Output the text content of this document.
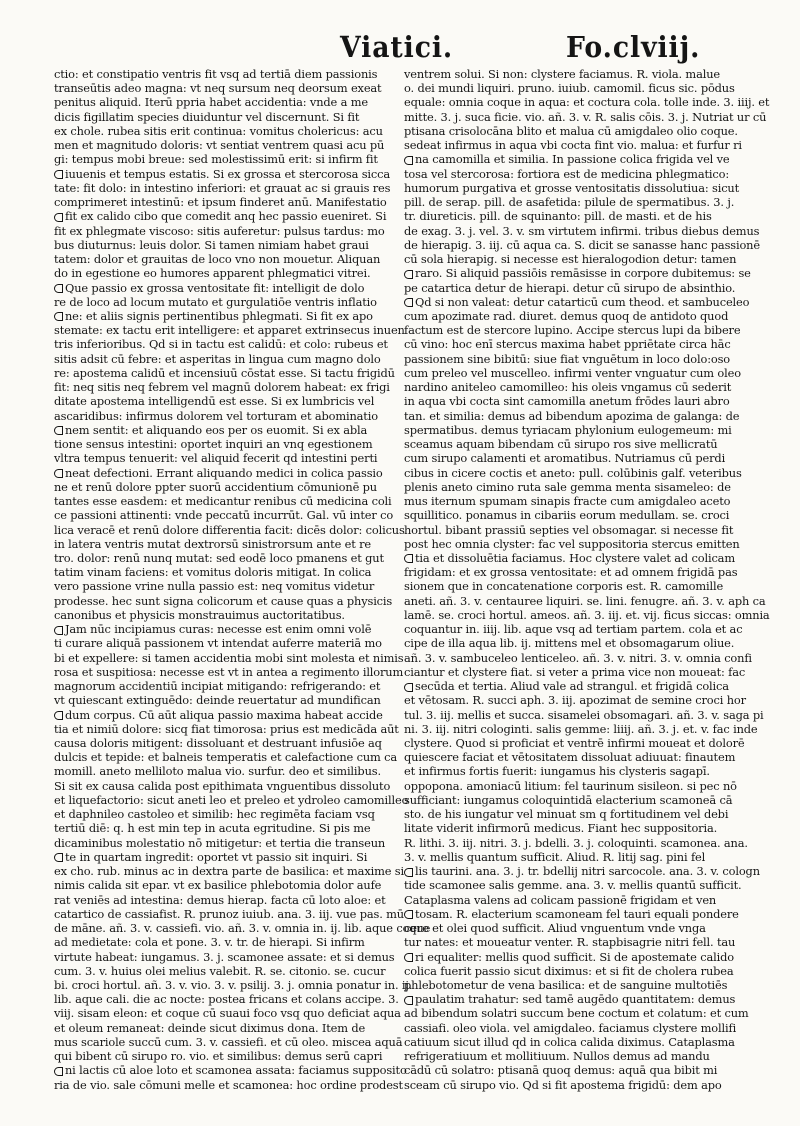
Viatici.	Fo.clviij.
ctio: et constipatio ventris fit vsq ad tertiā diem passionis
transeūtis adeo magna: vt neq sursum neq deorsum exeat
penitus aliquid. Iterū ppria habet accidentia: vnde a me
dicis figillatim species diuiduntur vel discernunt. Si fit
ex chole. rubea sitis erit continua: vomitus cholericus: acu
men et magnitudo doloris: vt sentiat ventrem quasi acu pū
gi: tempus mobi breue: sed molestissimū erit: si infirm fit
iuuenis et tempus estatis. Si ex grossa et stercorosa sicca
tate: fit dolo: in intestino inferiori: et grauat ac si grauis res
comprimeret intestinū: et ipsum finderet anū. Manifestatio
fit ex calido cibo que comedit anq hec passio eueniret. Si
fit ex phlegmate viscoso: sitis auferetur: pulsus tardus: mo
bus diuturnus: leuis dolor. Si tamen nimiam habet graui
tatem: dolor et grauitas de loco vno non mouetur. Aliquan
do in egestione eo humores apparent phlegmatici vitrei.
Que passio ex grossa ventositate fit: intelligit de dolo
re de loco ad locum mutato et gurgulatiōe ventris inflatio
ne: et aliis signis pertinentibus phlegmati. Si fit ex apo
stemate: ex tactu erit intelligere: et apparet extrinsecus inuen
tris inferioribus. Qd si in tactu est calidū: et colo: rubeus et
sitis adsit cū febre: et asperitas in lingua cum magno dolo
re: apostema calidū et incensiuū cōstat esse. Si tactu frigidū
fit: neq sitis neq febrem vel magnū dolorem habeat: ex frigi
ditate apostema intelligendū est esse. Si ex lumbricis vel
ascaridibus: infirmus dolorem vel torturam et abominatio
nem sentit: et aliquando eos per os euomit. Si ex abla
tione sensus intestini: oportet inquiri an vnq egestionem
vltra tempus tenuerit: vel aliquid fecerit qd intestini perti
neat defectioni. Errant aliquando medici in colica passio
ne et renū dolore ppter suorū accidentium cōmunionē pu
tantes esse easdem: et medicantur renibus cū medicina coli
ce passioni attinenti: vnde peccatū incurrūt. Gal. vū inter co
lica veracē et renū dolore differentia facit: dicēs dolor: colicus
in latera ventris mutat dextrorsū sinistrorsum ante et re
tro. dolor: renū nunq mutat: sed eodē loco pmanens et gut
tatim vinam faciens: et vomitus doloris mitigat. In colica
vero passione vrine nulla passio est: neq vomitus videtur
prodesse. hec sunt signa colicorum et cause quas a physicis
canonibus et physicis monstrauimus auctoritatibus.
Jam nūc incipiamus curas: necesse est enim omni volē
ti curare aliquā passionem vt intendat auferre materiā mo
bi et expellere: si tamen accidentia mobi sint molesta et nimis
rosa et suspitiosa: necesse est vt in antea a regimento illorum
magnorum accidentiū incipiat mitigando: refrigerando: et
vt quiescant extinguēdo: deinde reuertatur ad mundifican
dum corpus. Cū aūt aliqua passio maxima habeat accide
tia et nimiū dolore: sicq fiat timorosa: prius est medicāda aūt
causa doloris mitigent: dissoluant et destruant infusiōe aq
dulcis et tepide: et balneis temperatis et calefactione cum ca
momill. aneto mellilotо malua vio. surfur. deo et similibus.
Si sit ex causa calida post epithimata vnguentibus dissoluto
et liquefactorio: sicut aneti leo et preleo et ydroleo camomilleo
et daphnileo castoleo et similib: hec regimēta faciam vsq
tertiū diē: q. h est min tep in acuta egritudine. Si pis me
dicaminibus molestatio nō mitigetur: et tertia die transeun
te in quartam ingredit: oportet vt passio sit inquiri. Si
ex cho. rub. minus ac in dextra parte de basilica: et maxime si
nimis calida sit epar. vt ex basilice phlebotomia dolor aufe
rat veniēs ad intestina: demus hierap. facta cū loto aloe: et
catartico de cassiafist. R. prunoz iuiub. ana. 3. iij. vue pas. mū
de māne. añ. 3. v. cassiefi. vio. añ. 3. v. omnia in. ij. lib. aque coque
ad medietate: cola et pone. 3. v. tr. de hierapi. Si infirm
virtute habeat: iungamus. 3. j. scamonee assate: et si demus
cum. 3. v. huius olei melius valebit. R. se. citonio. se. cucur
bi. croci hortul. añ. 3. v. vio. 3. v. psilij. 3. j. omnia ponatur in. ij.
lib. aque cali. die ac nocte: postea fricans et colans accipe. 3.
viij. sisam eleon: et coque cū suaui foco vsq quo deficiat aqua
et oleum remaneat: deinde sicut diximus dona. Item de
mus scariole succū cum. 3. v. cassiefi. et cū oleo. miscea aquā
qui bibent cū sirupo ro. vio. et similibus: demus serū capri
ni lactis cū aloe loto et scamonea assata: faciamus supposito
ria de vio. sale cōmuni melle et scamonea: hoc ordine prodest
ventrem solui. Si non: clystere faciamus. R. viola. malue
o. dei mundi liquiri. pruno. iuiub. camomil. ficus sic. pōdus
equale: omnia coque in aqua: et coctura cola. tolle inde. 3. iiij. et
mitte. 3. j. suca ficie. vio. añ. 3. v. R. salis cōis. 3. j. Nutriat ur cū
ptisana crisolocāna blito et malua cū amigdaleo olio coque.
sedeat infirmus in aqua vbi cocta fint vio. malua: et furfur ri
na camomilla et similia. In passione colica frigida vel ve
tosa vel stercorosa: fortiora est de medicina phlegmatico:
humorum purgativa et grosse ventositatis dissolutiua: sicut
pill. de serap. pill. de asafetida: pilule de spermatibus. 3. j.
tr. diureticis. pill. de squinanto: pill. de masti. et de his
de exag. 3. j. vel. 3. v. sm virtutem infirmi. tribus diebus demus
de hierapig. 3. iij. cū aqua ca. S. dicit se sanasse hanc passionē
cū sola hierapig. si necesse est hieralogodion detur: tamen
raro. Si aliquid passiōis remāsisse in corpore dubitemus: se
pe catartica detur de hierapi. detur cū sirupo de absinthio.
Qd si non valeat: detur catarticū cum theod. et sambuceleo
cum apozimate rad. diuret. demus quoq de antidoto quod
factum est de stercore lupino. Accipe stercus lupi da bibere
cū vino: hoc enī stercus maxima habet ppriētate circa hāc
passionem sine bibitū: siue fiat vnguētum in loco dolo:oso
cum preleo vel muscelleo. infirmi venter vnguatur cum oleo
nardino aniteleo camomilleo: his oleis vngamus cū sederit
in aqua vbi cocta sint camomilla anetum frōdes lauri abro
tan. et similia: demus ad bibendum apozima de galanga: de
spermatibus. demus tyriacam phylonium eulogemeum: mi
sceamus aquam bibendam cū sirupo ros sive mellicratū
cum sirupo calamenti et aromatibus. Nutriamus cū perdi
cibus in cicere coctis et aneto: pull. colūbinis galf. veteribus
plenis aneto cimino ruta sale gemma menta sisameleo: de
mus iternum spumam sinapis fracte cum amigdaleo aceto
squillitico. ponamus in cibariis eorum medullam. se. croci
hortul. bibant prassiū septies vel obsomagar. si necesse fit
post hec omnia clyster: fac vel suppositoria stercus emitten
tia et dissoluētia faciamus. Hoc clystere valet ad colicam
frigidam: et ex grossa ventositate: et ad omnem frigidā pas
sionem que in concatenatione corporis est. R. camomille
aneti. añ. 3. v. centauree liquiri. se. lini. fenugre. añ. 3. v. aph ca
lamē. se. croci hortul. ameos. añ. 3. iij. et. vij. ficus siccas: omnia
coquantur in. iiij. lib. aque vsq ad tertiam partem. cola et ac
cipe de illa aqua lib. ij. mittens mel et obsomagarum oliue.
añ. 3. v. sambuceleo lenticeleo. añ. 3. v. nitri. 3. v. omnia confi
ciantur et clystere fiat. si veter a prima vice non moueat: fac
secūda et tertia. Aliud vale ad strangul. et frigidā colica
et vētosam. R. succi aph. 3. iij. apozimat de semine croci hor
tul. 3. iij. mellis et succa. sisamelei obsomagari. añ. 3. v. saga pi
ni. 3. iij. nitri cologinti. salis gemme: liiij. añ. 3. j. et. v. fac inde
clystere. Quod si proficiat et ventrē infirmi moueat et dolorē
quiescere faciat et vētositatem dissoluat adiuuat: finautem
et infirmus fortis fuerit: iungamus his clysteris sagapī.
oppopona. amoniacū litium: fel taurinum sisileon. si pec nō
sufficiant: iungamus coloquintidā elacterium scamoneā cā
sto. de his iungatur vel minuat sm q fortitudinem vel debi
litate viderit infirmorū medicus. Fiant hec suppositoria.
R. lithi. 3. iij. nitri. 3. j. bdelli. 3. j. coloquinti. scamonea. ana.
3. v. mellis quantum sufficit. Aliud. R. litij sag. pini fel
lis taurini. ana. 3. j. tr. bdellij nitri sarcocole. ana. 3. v. cologn
tide scamonee salis gemme. ana. 3. v. mellis quantū sufficit.
Cataplasma valens ad colicam passionē frigidam et ven
tosam. R. elacterium scamoneam fel tauri equali pondere
cere et olei quod sufficit. Aliud vnguentum vnde vnga
tur nates: et moueatur venter. R. stapbisagrie nitri fell. tau
ri equaliter: mellis quod sufficit. Si de apostemate calido
colica fuerit passio sicut diximus: et si fit de cholera rubea
phlebotometur de vena basilica: et de sanguine multotiēs
paulatim trahatur: sed tamē augēdo quantitatem: demus
ad bibendum solatri succum bene coctum et colatum: et cum
cassiafi. oleo viola. vel amigdaleo. faciamus clystere mollifi
catiuum sicut illud qd in colica calida diximus. Cataplasma
refrigeratiuum et mollitiuum. Nullos demus ad mandu
cādū cū solatro: ptisanā quoq demus: aquā qua bibit mi
sceam cū sirupo vio. Qd si fit apostema frigidū: dem apo
